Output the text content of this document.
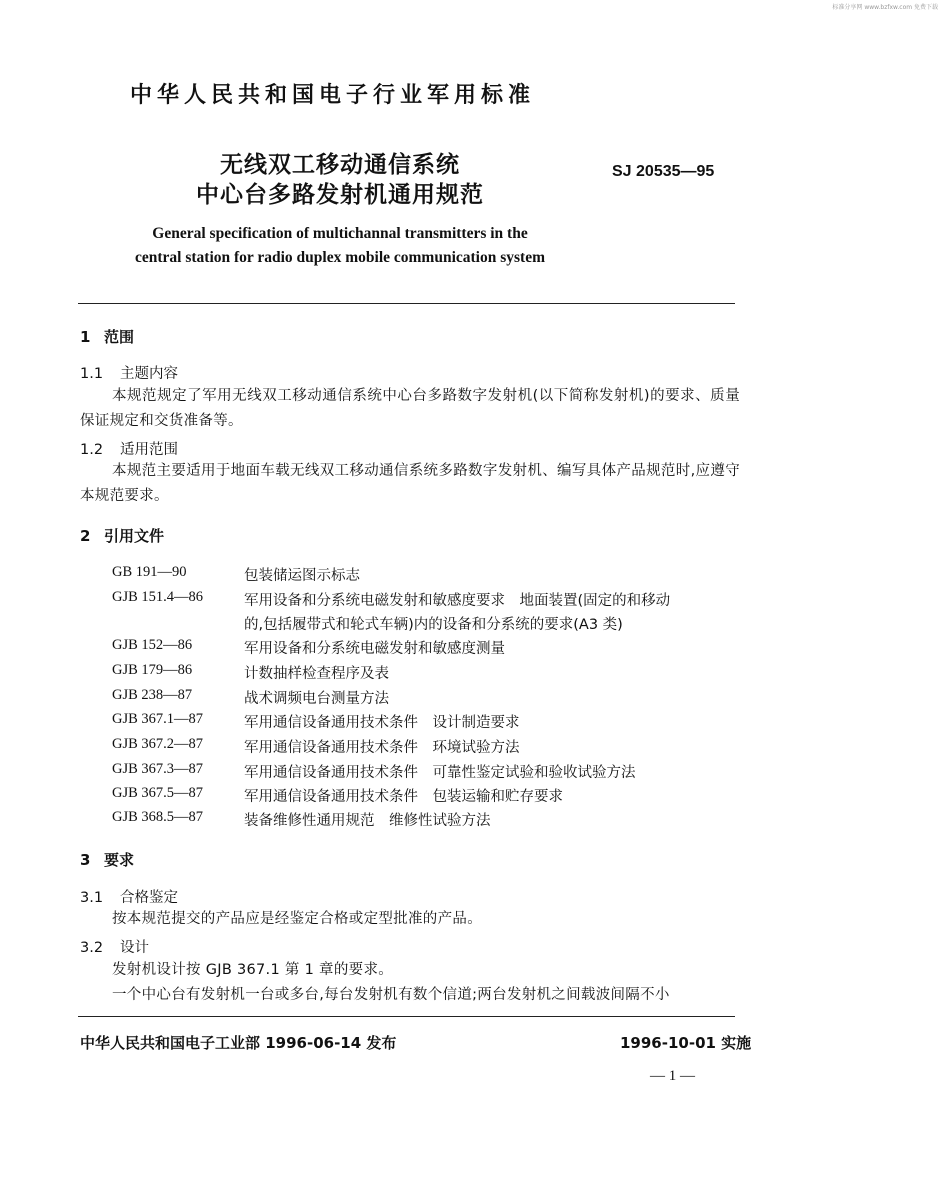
标准分享网 www.bzfxw.com 免费下载
中华人民共和国电子行业军用标准
无线双工移动通信系统
中心台多路发射机通用规范
SJ 20535—95
General specification of multichannal transmitters in the
central station for radio duplex mobile communication system
1 范围
1.1 主题内容
本规范规定了军用无线双工移动通信系统中心台多路数字发射机(以下简称发射机)的要求、质量保证规定和交货准备等。
1.2 适用范围
本规范主要适用于地面车载无线双工移动通信系统多路数字发射机、编写具体产品规范时,应遵守本规范要求。
2 引用文件
GB 191—90	包装储运图示标志
GJB 151.4—86	军用设备和分系统电磁发射和敏感度要求　地面装置(固定的和移动
的,包括履带式和轮式车辆)内的设备和分系统的要求(A3 类)
GJB 152—86	军用设备和分系统电磁发射和敏感度测量
GJB 179—86	计数抽样检查程序及表
GJB 238—87	战术调频电台测量方法
GJB 367.1—87	军用通信设备通用技术条件　设计制造要求
GJB 367.2—87	军用通信设备通用技术条件　环境试验方法
GJB 367.3—87	军用通信设备通用技术条件　可靠性鉴定试验和验收试验方法
GJB 367.5—87	军用通信设备通用技术条件　包装运输和贮存要求
GJB 368.5—87	装备维修性通用规范　维修性试验方法
3 要求
3.1 合格鉴定
按本规范提交的产品应是经鉴定合格或定型批准的产品。
3.2 设计
发射机设计按 GJB 367.1 第 1 章的要求。
一个中心台有发射机一台或多台,每台发射机有数个信道;两台发射机之间载波间隔不小
中华人民共和国电子工业部 1996-06-14 发布	1996-10-01 实施
— 1 —
